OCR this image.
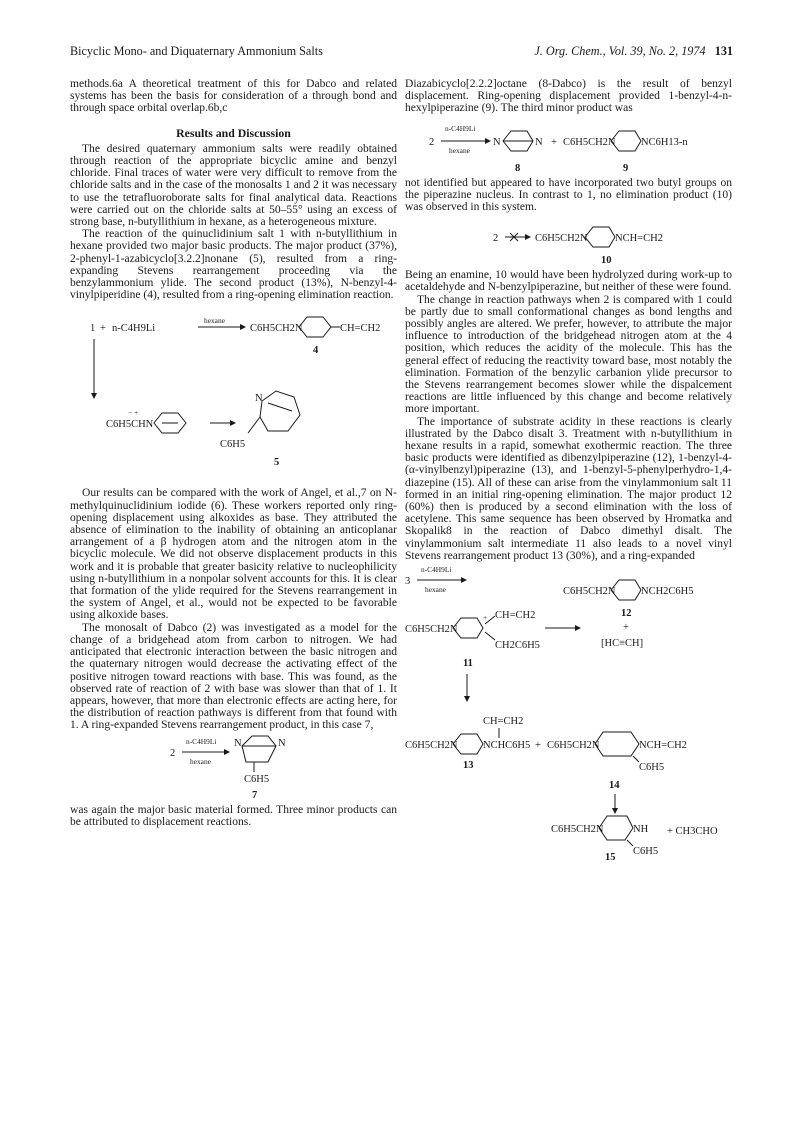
Bicyclic Mono- and Diquaternary Ammonium Salts	J. Org. Chem., Vol. 39, No. 2, 1974 131

methods.6a A theoretical treatment of this for Dabco and related systems has been the basis for consideration of a through bond and through space orbital overlap.6b,c

Results and Discussion

The desired quaternary ammonium salts were readily obtained through reaction of the appropriate bicyclic amine and benzyl chloride. Final traces of water were very difficult to remove from the chloride salts and in the case of the monosalts 1 and 2 it was necessary to use the tetrafluoroborate salts for final analytical data. Reactions were carried out on the chloride salts at 50–55° using an excess of strong base, n-butyllithium in hexane, as a heterogeneous mixture.

The reaction of the quinuclidinium salt 1 with n-butyllithium in hexane provided two major basic products. The major product (37%), 2-phenyl-1-azabicyclo[3.2.2]nonane (5), resulted from a ring-expanding Stevens rearrangement proceeding via the benzylammonium ylide. The second product (13%), N-benzyl-4-vinylpiperidine (4), resulted from a ring-opening elimination reaction.

1 + n-C4H9Li
hexane
C6H5CH2N	CH=CH2
4
− +
C6H5CHN
N
C6H5
5

Our results can be compared with the work of Angel, et al.,7 on N-methylquinuclidinium iodide (6). These workers reported only ring-opening displacement using alkoxides as base. They attributed the absence of elimination to the inability of obtaining an anticoplanar arrangement of a β hydrogen atom and the nitrogen atom in the bicyclic molecule. We did not observe displacement products in this work and it is probable that greater basicity relative to nucleophilicity using n-butyllithium in a nonpolar solvent accounts for this. It is clear that formation of the ylide required for the Stevens rearrangement in the system of Angel, et al., would not be expected to be favorable using alkoxide bases.

The monosalt of Dabco (2) was investigated as a model for the change of a bridgehead atom from carbon to nitrogen. We had anticipated that electronic interaction between the basic nitrogen and the quaternary nitrogen would decrease the activating effect of the positive nitrogen toward reactions with base. This was found, as the observed rate of reaction of 2 with base was slower than that of 1. It appears, however, that more than electronic effects are acting here, for the distribution of reaction pathways is different from that found with 1. A ring-expanded Stevens rearrangement product, in this case 7,

2
n-C4H9Li
hexane
N	N
C6H5
7

was again the major basic material formed. Three minor products can be attributed to displacement reactions.

Diazabicyclo[2.2.2]octane (8-Dabco) is the result of benzyl displacement. Ring-opening displacement provided 1-benzyl-4-n-hexylpiperazine (9). The third minor product was

2
n-C4H9Li
hexane
N	N + C6H5CH2N NC6H13-n
8	9

not identified but appeared to have incorporated two butyl groups on the piperazine nucleus. In contrast to 1, no elimination product (10) was observed in this system.

2	C6H5CH2N	NCH=CH2
10

Being an enamine, 10 would have been hydrolyzed during work-up to acetaldehyde and N-benzylpiperazine, but neither of these were found.

The change in reaction pathways when 2 is compared with 1 could be partly due to small conformational changes as bond lengths and possibly angles are altered. We prefer, however, to attribute the major influence to introduction of the bridgehead nitrogen atom at the 4 position, which reduces the acidity of the molecule. This has the general effect of reducing the reactivity toward base, most notably the elimination. Formation of the benzylic carbanion ylide precursor to the Stevens rearrangement becomes slower while the dispalcement reactions are little influenced by this change and become relatively more important.

The importance of substrate acidity in these reactions is clearly illustrated by the Dabco disalt 3. Treatment with n-butyllithium in hexane results in a rapid, somewhat exothermic reaction. The three basic products were identified as dibenzylpiperazine (12), 1-benzyl-4-(α-vinylbenzyl)piperazine (13), and 1-benzyl-5-phenylperhydro-1,4-diazepine (15). All of these can arise from the vinylammonium salt 11 formed in an initial ring-opening elimination. The major product 12 (60%) then is produced by a second elimination with the loss of acetylene. This same sequence has been observed by Hromatka and Skopalik8 in the reaction of Dabco dimethyl disalt. The vinylammonium salt intermediate 11 also leads to a novel vinyl Stevens rearrangement product 13 (30%), and a ring-expanded

3
n-C4H9Li
hexane	C6H5CH2N NCH2C6H5
12
+
[HC≡CH]
C6H5CH2N
+ CH=CH2
CH2C6H5
11
CH=CH2
C6H5CH2N NCHC6H5
13
+ C6H5CH2N	NCH=CH2
C6H5
14
C6H5CH2N	NH
C6H5
+ CH3CHO
15
